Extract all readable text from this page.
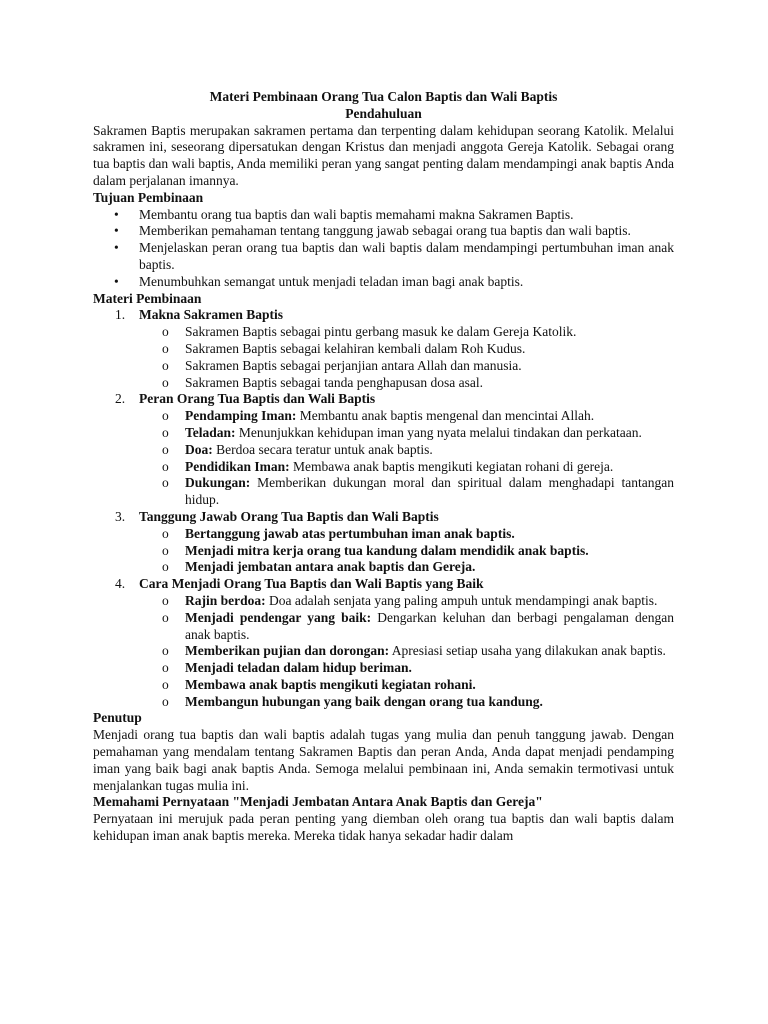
Materi Pembinaan Orang Tua Calon Baptis dan Wali Baptis
Pendahuluan
Sakramen Baptis merupakan sakramen pertama dan terpenting dalam kehidupan seorang Katolik. Melalui sakramen ini, seseorang dipersatukan dengan Kristus dan menjadi anggota Gereja Katolik. Sebagai orang tua baptis dan wali baptis, Anda memiliki peran yang sangat penting dalam mendampingi anak baptis Anda dalam perjalanan imannya.
Tujuan Pembinaan
• Membantu orang tua baptis dan wali baptis memahami makna Sakramen Baptis.
• Memberikan pemahaman tentang tanggung jawab sebagai orang tua baptis dan wali baptis.
• Menjelaskan peran orang tua baptis dan wali baptis dalam mendampingi pertumbuhan iman anak baptis.
• Menumbuhkan semangat untuk menjadi teladan iman bagi anak baptis.
Materi Pembinaan
1. Makna Sakramen Baptis
o Sakramen Baptis sebagai pintu gerbang masuk ke dalam Gereja Katolik.
o Sakramen Baptis sebagai kelahiran kembali dalam Roh Kudus.
o Sakramen Baptis sebagai perjanjian antara Allah dan manusia.
o Sakramen Baptis sebagai tanda penghapusan dosa asal.
2. Peran Orang Tua Baptis dan Wali Baptis
o Pendamping Iman: Membantu anak baptis mengenal dan mencintai Allah.
o Teladan: Menunjukkan kehidupan iman yang nyata melalui tindakan dan perkataan.
o Doa: Berdoa secara teratur untuk anak baptis.
o Pendidikan Iman: Membawa anak baptis mengikuti kegiatan rohani di gereja.
o Dukungan: Memberikan dukungan moral dan spiritual dalam menghadapi tantangan hidup.
3. Tanggung Jawab Orang Tua Baptis dan Wali Baptis
o Bertanggung jawab atas pertumbuhan iman anak baptis.
o Menjadi mitra kerja orang tua kandung dalam mendidik anak baptis.
o Menjadi jembatan antara anak baptis dan Gereja.
4. Cara Menjadi Orang Tua Baptis dan Wali Baptis yang Baik
o Rajin berdoa: Doa adalah senjata yang paling ampuh untuk mendampingi anak baptis.
o Menjadi pendengar yang baik: Dengarkan keluhan dan berbagi pengalaman dengan anak baptis.
o Memberikan pujian dan dorongan: Apresiasi setiap usaha yang dilakukan anak baptis.
o Menjadi teladan dalam hidup beriman.
o Membawa anak baptis mengikuti kegiatan rohani.
o Membangun hubungan yang baik dengan orang tua kandung.
Penutup
Menjadi orang tua baptis dan wali baptis adalah tugas yang mulia dan penuh tanggung jawab. Dengan pemahaman yang mendalam tentang Sakramen Baptis dan peran Anda, Anda dapat menjadi pendamping iman yang baik bagi anak baptis Anda. Semoga melalui pembinaan ini, Anda semakin termotivasi untuk menjalankan tugas mulia ini.
Memahami Pernyataan "Menjadi Jembatan Antara Anak Baptis dan Gereja"
Pernyataan ini merujuk pada peran penting yang diemban oleh orang tua baptis dan wali baptis dalam kehidupan iman anak baptis mereka. Mereka tidak hanya sekadar hadir dalam
